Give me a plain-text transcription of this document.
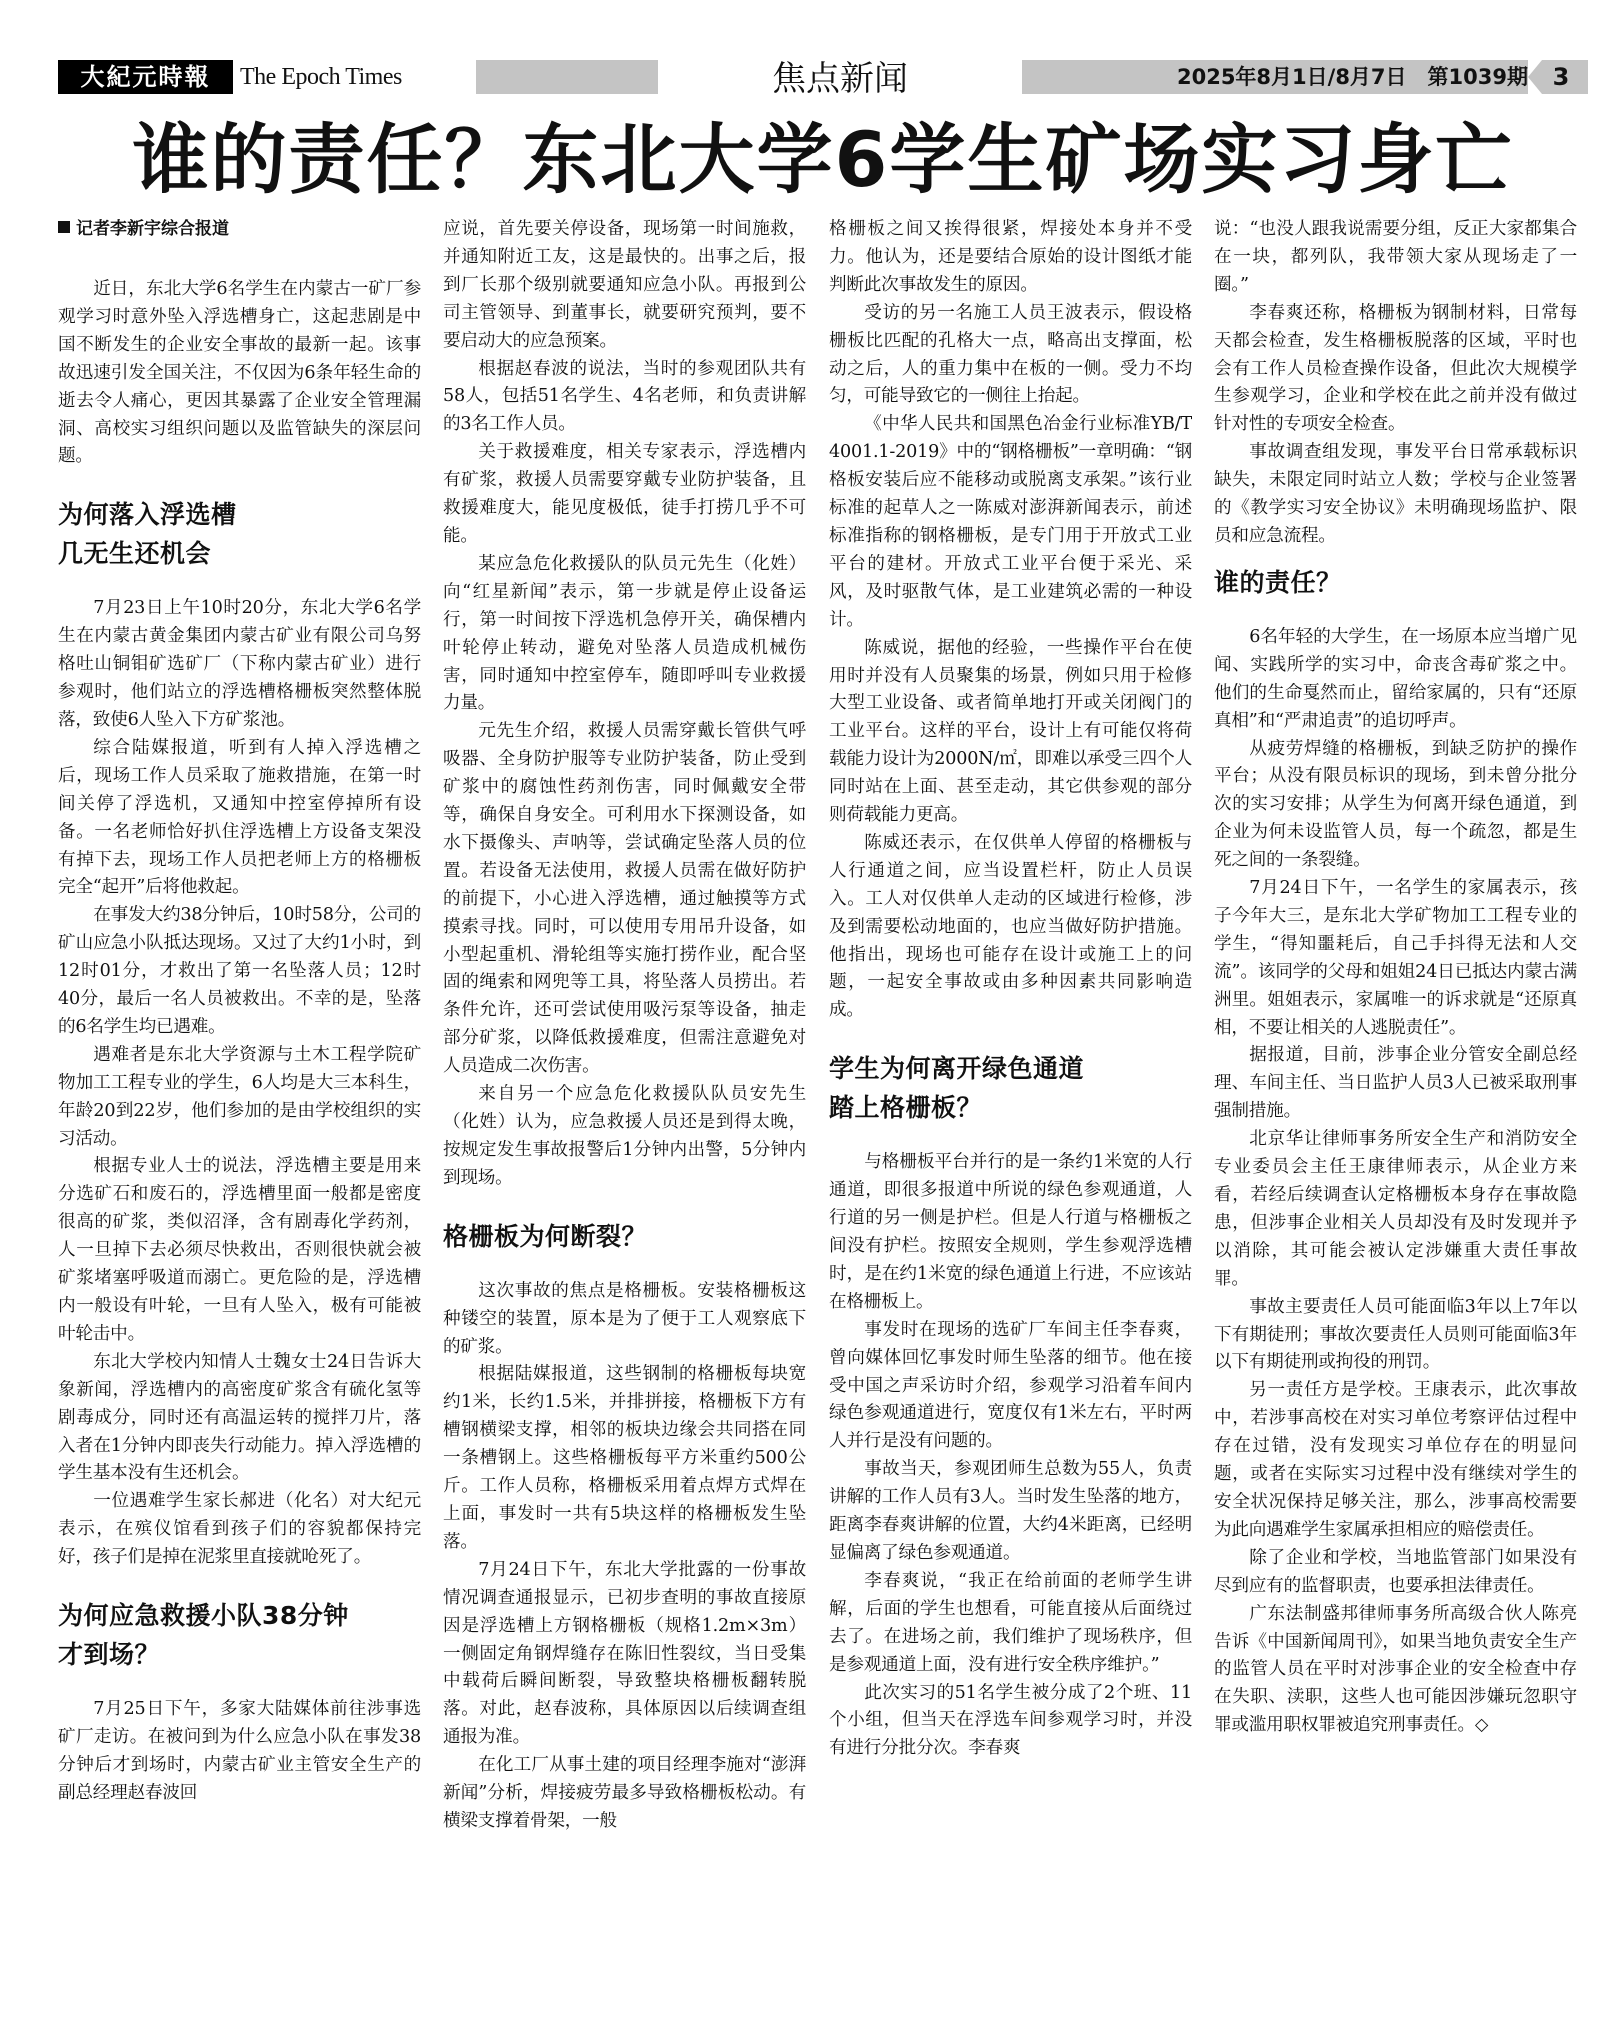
大紀元時報	The Epoch Times	焦点新闻	2025年8月1日/8月7日　第1039期	3
谁的责任？东北大学6学生矿场实习身亡
记者李新宇综合报道

近日，东北大学6名学生在内蒙古一矿厂参观学习时意外坠入浮选槽身亡，这起悲剧是中国不断发生的企业安全事故的最新一起。该事故迅速引发全国关注，不仅因为6条年轻生命的逝去令人痛心，更因其暴露了企业安全管理漏洞、高校实习组织问题以及监管缺失的深层问题。

为何落入浮选槽
几无生还机会

7月23日上午10时20分，东北大学6名学生在内蒙古黄金集团内蒙古矿业有限公司乌努格吐山铜钼矿选矿厂（下称内蒙古矿业）进行参观时，他们站立的浮选槽格栅板突然整体脱落，致使6人坠入下方矿浆池。

综合陆媒报道，听到有人掉入浮选槽之后，现场工作人员采取了施救措施，在第一时间关停了浮选机，又通知中控室停掉所有设备。一名老师恰好扒住浮选槽上方设备支架没有掉下去，现场工作人员把老师上方的格栅板完全“起开”后将他救起。

在事发大约38分钟后，10时58分，公司的矿山应急小队抵达现场。又过了大约1小时，到12时01分，才救出了第一名坠落人员；12时40分，最后一名人员被救出。不幸的是，坠落的6名学生均已遇难。

遇难者是东北大学资源与土木工程学院矿物加工工程专业的学生，6人均是大三本科生，年龄20到22岁，他们参加的是由学校组织的实习活动。

根据专业人士的说法，浮选槽主要是用来分选矿石和废石的，浮选槽里面一般都是密度很高的矿浆，类似沼泽，含有剧毒化学药剂，人一旦掉下去必须尽快救出，否则很快就会被矿浆堵塞呼吸道而溺亡。更危险的是，浮选槽内一般设有叶轮，一旦有人坠入，极有可能被叶轮击中。

东北大学校内知情人士魏女士24日告诉大象新闻，浮选槽内的高密度矿浆含有硫化氢等剧毒成分，同时还有高温运转的搅拌刀片，落入者在1分钟内即丧失行动能力。掉入浮选槽的学生基本没有生还机会。

一位遇难学生家长郝进（化名）对大纪元表示，在殡仪馆看到孩子们的容貌都保持完好，孩子们是掉在泥浆里直接就呛死了。

为何应急救援小队38分钟
才到场？

7月25日下午，多家大陆媒体前往涉事选矿厂走访。在被问到为什么应急小队在事发38分钟后才到场时，内蒙古矿业主管安全生产的副总经理赵春波回

应说，首先要关停设备，现场第一时间施救，并通知附近工友，这是最快的。出事之后，报到厂长那个级别就要通知应急小队。再报到公司主管领导、到董事长，就要研究预判，要不要启动大的应急预案。

根据赵春波的说法，当时的参观团队共有58人，包括51名学生、4名老师，和负责讲解的3名工作人员。

关于救援难度，相关专家表示，浮选槽内有矿浆，救援人员需要穿戴专业防护装备，且救援难度大，能见度极低，徒手打捞几乎不可能。

某应急危化救援队的队员元先生（化姓）向“红星新闻”表示，第一步就是停止设备运行，第一时间按下浮选机急停开关，确保槽内叶轮停止转动，避免对坠落人员造成机械伤害，同时通知中控室停车，随即呼叫专业救援力量。

元先生介绍，救援人员需穿戴长管供气呼吸器、全身防护服等专业防护装备，防止受到矿浆中的腐蚀性药剂伤害，同时佩戴安全带等，确保自身安全。可利用水下探测设备，如水下摄像头、声呐等，尝试确定坠落人员的位置。若设备无法使用，救援人员需在做好防护的前提下，小心进入浮选槽，通过触摸等方式摸索寻找。同时，可以使用专用吊升设备，如小型起重机、滑轮组等实施打捞作业，配合坚固的绳索和网兜等工具，将坠落人员捞出。若条件允许，还可尝试使用吸污泵等设备，抽走部分矿浆，以降低救援难度，但需注意避免对人员造成二次伤害。

来自另一个应急危化救援队队员安先生（化姓）认为，应急救援人员还是到得太晚，按规定发生事故报警后1分钟内出警，5分钟内到现场。

格栅板为何断裂？

这次事故的焦点是格栅板。安装格栅板这种镂空的装置，原本是为了便于工人观察底下的矿浆。

根据陆媒报道，这些钢制的格栅板每块宽约1米，长约1.5米，并排拼接，格栅板下方有槽钢横梁支撑，相邻的板块边缘会共同搭在同一条槽钢上。这些格栅板每平方米重约500公斤。工作人员称，格栅板采用着点焊方式焊在上面，事发时一共有5块这样的格栅板发生坠落。

7月24日下午，东北大学批露的一份事故情况调查通报显示，已初步查明的事故直接原因是浮选槽上方钢格栅板（规格1.2m×3m）一侧固定角钢焊缝存在陈旧性裂纹，当日受集中载荷后瞬间断裂，导致整块格栅板翻转脱落。对此，赵春波称，具体原因以后续调查组通报为准。

在化工厂从事土建的项目经理李施对“澎湃新闻”分析，焊接疲劳最多导致格栅板松动。有横梁支撑着骨架，一般

格栅板之间又挨得很紧，焊接处本身并不受力。他认为，还是要结合原始的设计图纸才能判断此次事故发生的原因。

受访的另一名施工人员王波表示，假设格栅板比匹配的孔格大一点，略高出支撑面，松动之后，人的重力集中在板的一侧。受力不均匀，可能导致它的一侧往上抬起。

《中华人民共和国黑色冶金行业标准YB/T 4001.1-2019》中的“钢格栅板”一章明确：“钢格板安装后应不能移动或脱离支承架。”该行业标准的起草人之一陈威对澎湃新闻表示，前述标准指称的钢格栅板，是专门用于开放式工业平台的建材。开放式工业平台便于采光、采风，及时驱散气体，是工业建筑必需的一种设计。

陈威说，据他的经验，一些操作平台在使用时并没有人员聚集的场景，例如只用于检修大型工业设备、或者简单地打开或关闭阀门的工业平台。这样的平台，设计上有可能仅将荷载能力设计为2000N/㎡，即难以承受三四个人同时站在上面、甚至走动，其它供参观的部分则荷载能力更高。

陈威还表示，在仅供单人停留的格栅板与人行通道之间，应当设置栏杆，防止人员误入。工人对仅供单人走动的区域进行检修，涉及到需要松动地面的，也应当做好防护措施。他指出，现场也可能存在设计或施工上的问题，一起安全事故或由多种因素共同影响造成。

学生为何离开绿色通道
踏上格栅板？

与格栅板平台并行的是一条约1米宽的人行通道，即很多报道中所说的绿色参观通道，人行道的另一侧是护栏。但是人行道与格栅板之间没有护栏。按照安全规则，学生参观浮选槽时，是在约1米宽的绿色通道上行进，不应该站在格栅板上。

事发时在现场的选矿厂车间主任李春爽，曾向媒体回忆事发时师生坠落的细节。他在接受中国之声采访时介绍，参观学习沿着车间内绿色参观通道进行，宽度仅有1米左右，平时两人并行是没有问题的。

事故当天，参观团师生总数为55人，负责讲解的工作人员有3人。当时发生坠落的地方，距离李春爽讲解的位置，大约4米距离，已经明显偏离了绿色参观通道。

李春爽说，“我正在给前面的老师学生讲解，后面的学生也想看，可能直接从后面绕过去了。在进场之前，我们维护了现场秩序，但是参观通道上面，没有进行安全秩序维护。”

此次实习的51名学生被分成了2个班、11个小组，但当天在浮选车间参观学习时，并没有进行分批分次。李春爽

说：“也没人跟我说需要分组，反正大家都集合在一块，都列队，我带领大家从现场走了一圈。”

李春爽还称，格栅板为钢制材料，日常每天都会检查，发生格栅板脱落的区域，平时也会有工作人员检查操作设备，但此次大规模学生参观学习，企业和学校在此之前并没有做过针对性的专项安全检查。

事故调查组发现，事发平台日常承载标识缺失，未限定同时站立人数；学校与企业签署的《教学实习安全协议》未明确现场监护、限员和应急流程。

谁的责任？

6名年轻的大学生，在一场原本应当增广见闻、实践所学的实习中，命丧含毒矿浆之中。他们的生命戛然而止，留给家属的，只有“还原真相”和“严肃追责”的追切呼声。

从疲劳焊缝的格栅板，到缺乏防护的操作平台；从没有限员标识的现场，到未曾分批分次的实习安排；从学生为何离开绿色通道，到企业为何未设监管人员，每一个疏忽，都是生死之间的一条裂缝。

7月24日下午，一名学生的家属表示，孩子今年大三，是东北大学矿物加工工程专业的学生，“得知噩耗后，自己手抖得无法和人交流”。该同学的父母和姐姐24日已抵达内蒙古满洲里。姐姐表示，家属唯一的诉求就是“还原真相，不要让相关的人逃脱责任”。

据报道，目前，涉事企业分管安全副总经理、车间主任、当日监护人员3人已被采取刑事强制措施。

北京华让律师事务所安全生产和消防安全专业委员会主任王康律师表示，从企业方来看，若经后续调查认定格栅板本身存在事故隐患，但涉事企业相关人员却没有及时发现并予以消除，其可能会被认定涉嫌重大责任事故罪。

事故主要责任人员可能面临3年以上7年以下有期徒刑；事故次要责任人员则可能面临3年以下有期徒刑或拘役的刑罚。

另一责任方是学校。王康表示，此次事故中，若涉事高校在对实习单位考察评估过程中存在过错，没有发现实习单位存在的明显问题，或者在实际实习过程中没有继续对学生的安全状况保持足够关注，那么，涉事高校需要为此向遇难学生家属承担相应的赔偿责任。

除了企业和学校，当地监管部门如果没有尽到应有的监督职责，也要承担法律责任。

广东法制盛邦律师事务所高级合伙人陈亮告诉《中国新闻周刊》，如果当地负责安全生产的监管人员在平时对涉事企业的安全检查中存在失职、渎职，这些人也可能因涉嫌玩忽职守罪或滥用职权罪被追究刑事责任。◇
